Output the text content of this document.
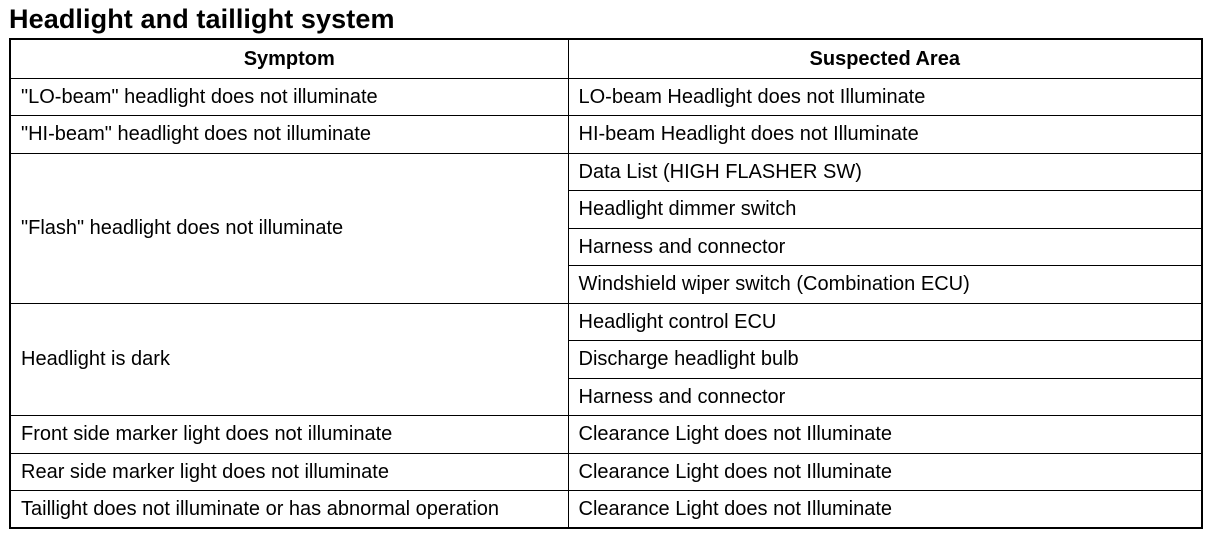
Headlight and taillight system
Symptom	Suspected Area
"LO-beam" headlight does not illuminate	LO-beam Headlight does not Illuminate
"HI-beam" headlight does not illuminate	HI-beam Headlight does not Illuminate
"Flash" headlight does not illuminate	Data List (HIGH FLASHER SW)
	Headlight dimmer switch
	Harness and connector
	Windshield wiper switch (Combination ECU)
Headlight is dark	Headlight control ECU
	Discharge headlight bulb
	Harness and connector
Front side marker light does not illuminate	Clearance Light does not Illuminate
Rear side marker light does not illuminate	Clearance Light does not Illuminate
Taillight does not illuminate or has abnormal operation	Clearance Light does not Illuminate
